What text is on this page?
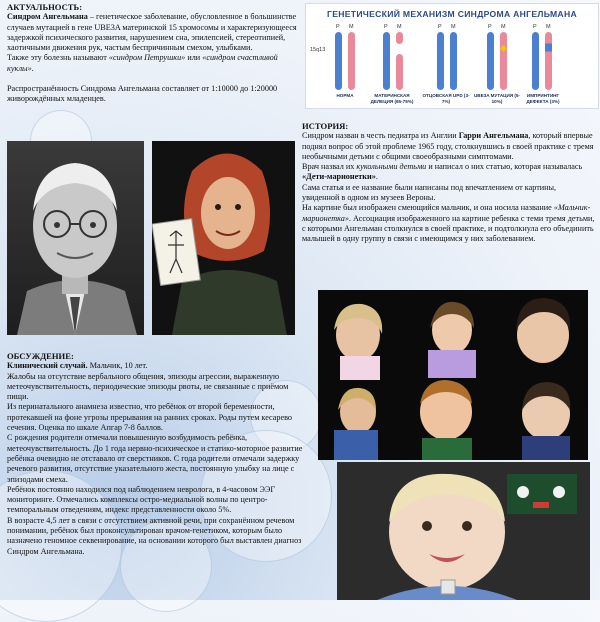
АКТУАЛЬНОСТЬ:

Синдром Ангельмана – генетическое заболевание, обусловленное в большинстве случаев мутацией в гене UBE3A материнской 15 хромосомы и характеризующееся задержкой психического развития, нарушением сна, эпилепсией, стереотипией, хаотичными движения рук, частым беспричинным смехом, улыбками.

Также эту болезнь называют «синдром Петрушки» или «синдром счастливой куклы».

Распространённость Синдрома Ангельмана составляет от 1:10000 до 1:20000 живорождённых младенцев.

ГЕНЕТИЧЕСКИЙ МЕХАНИЗМ СИНДРОМА АНГЕЛЬМАНА
15q13
P M
НОРМА
P M
МАТЕРИНСКАЯ ДЕЛЕЦИЯ (65-75%)
P M
ОТЦОВСКАЯ UPD (3-7%)
P M
✸
UBE3A МУТАЦИЯ (5-10%)
P M
ИМПРИНТИНГ ДЕФЕКТА (3%)

ИСТОРИЯ:

Синдром назван в честь педиатра из Англии Гарри Ангельмана, который впервые поднял вопрос об этой проблеме 1965 году, столкнувшись в своей практике с тремя необычными детьми с общими своеобразными симптомами.

Врач назвал их кукольными детьми и написал о них статью, которая называлась «Дети-марионетки».

Сама статья и ее название были написаны под впечатлением от картины, увиденной в одном из музеев Вероны.

На картине был изображен смеющийся мальчик, и она носила название «Мальчик-марионетка». Ассоциация изображенного на картине ребенка с теми тремя детьми, с которыми Ангельман столкнулся в своей практике, и подтолкнула его объединить малышей в одну группу в связи с имеющимся у них заболеванием.

ОБСУЖДЕНИЕ:

Клинический случай. Мальчик, 10 лет.

Жалобы на отсутствие вербального общения, эпизоды агрессии, выраженную метеочувствительность, периодические эпизоды рвоты, не связанные с приёмом пищи.

Из перинатального анамнеза известно, что ребёнок от второй беременности, протекавшей на фоне угрозы прерывания на ранних сроках. Роды путем кесарево сечения. Оценка по шкале Апгар 7-8 баллов.

С рождения родители отмечали повышенную возбудимость ребёнка, метеочувствительность. До 1 года нервно-психическое и статико-моторное развитие ребёнка очевидно не отставало от сверстников. С года родители отмечали задержку речевого развития, отсутствие указательного жеста, постоянную улыбку на лице с эпизодами смеха.

Ребёнок постоянно находился под наблюдением невролога, в 4-часовом ЭЭГ мониторинге. Отмечались комплексы остро-медиальной волны по центро-темпоральным отведениям, индекс представленности около 5%.

В возрасте 4,5 лет в связи с отсутствием активной речи, при сохранённом речевом понимании, ребёнок был проконсультирован врачом-генетиком, которым было назначено геномное секвенирование, на основании которого был выставлен диагноз Синдром Ангельмана.
